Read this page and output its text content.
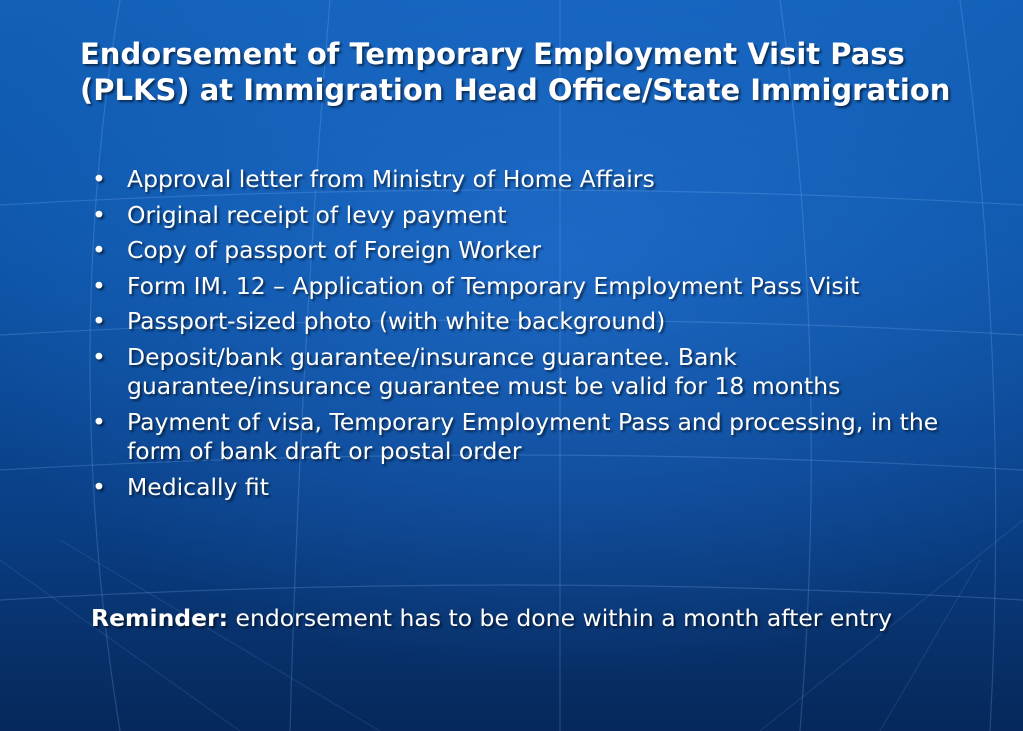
Endorsement of Temporary Employment Visit Pass (PLKS) at Immigration Head Office/State Immigration
• Approval letter from Ministry of Home Affairs
• Original receipt of levy payment
• Copy of passport of Foreign Worker
• Form IM. 12 – Application of Temporary Employment Pass Visit
• Passport-sized photo (with white background)
• Deposit/bank guarantee/insurance guarantee. Bank guarantee/insurance guarantee must be valid for 18 months
• Payment of visa, Temporary Employment Pass and processing, in the form of bank draft or postal order
• Medically fit
Reminder: endorsement has to be done within a month after entry
